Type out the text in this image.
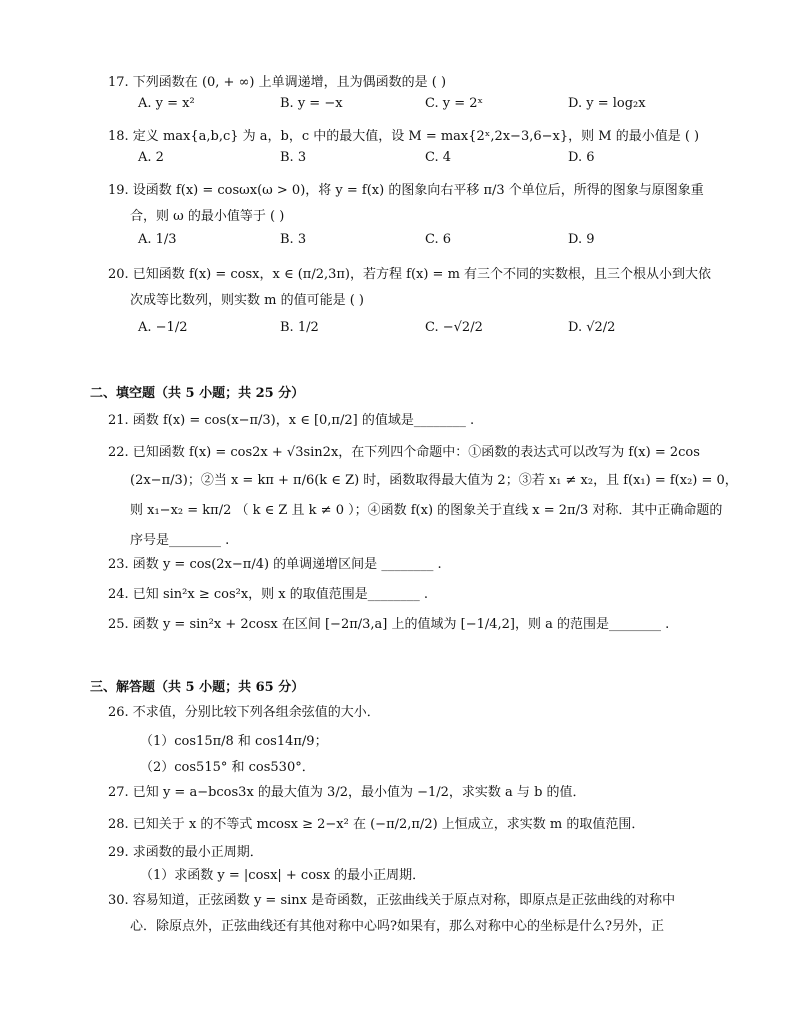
17. 下列函数在 (0, + ∞) 上单调递增，且为偶函数的是 ( )
A. y = x²	B. y = −x	C. y = 2ˣ	D. y = log₂x
18. 定义 max{a,b,c} 为 a，b，c 中的最大值，设 M = max{2ˣ,2x−3,6−x}，则 M 的最小值是 ( )
A. 2	B. 3	C. 4	D. 6
19. 设函数 f(x) = cosωx(ω > 0)，将 y = f(x) 的图象向右平移 π/3 个单位后，所得的图象与原图象重
合，则 ω 的最小值等于 ( )
A. 1/3	B. 3	C. 6	D. 9
20. 已知函数 f(x) = cosx，x ∈ (π/2,3π)，若方程 f(x) = m 有三个不同的实数根，且三个根从小到大依
次成等比数列，则实数 m 的值可能是 ( )
A. −1/2	B. 1/2	C. −√2/2	D. √2/2
二、填空题（共 5 小题；共 25 分）
21. 函数 f(x) = cos(x−π/3)，x ∈ [0,π/2] 的值域是________ .
22. 已知函数 f(x) = cos2x + √3sin2x，在下列四个命题中：①函数的表达式可以改写为 f(x) = 2cos
(2x−π/3)；②当 x = kπ + π/6(k ∈ Z) 时，函数取得最大值为 2；③若 x₁ ≠ x₂，且 f(x₁) = f(x₂) = 0，
则 x₁−x₂ = kπ/2 （ k ∈ Z 且 k ≠ 0 ）；④函数 f(x) 的图象关于直线 x = 2π/3 对称．其中正确命题的
序号是________ .
23. 函数 y = cos(2x−π/4) 的单调递增区间是 ________ .
24. 已知 sin²x ≥ cos²x，则 x 的取值范围是________ .
25. 函数 y = sin²x + 2cosx 在区间 [−2π/3,a] 上的值域为 [−1/4,2]，则 a 的范围是________ .
三、解答题（共 5 小题；共 65 分）
26. 不求值，分别比较下列各组余弦值的大小．
（1）cos15π/8 和 cos14π/9；
（2）cos515° 和 cos530°．
27. 已知 y = a−bcos3x 的最大值为 3/2，最小值为 −1/2，求实数 a 与 b 的值．
28. 已知关于 x 的不等式 mcosx ≥ 2−x² 在 (−π/2,π/2) 上恒成立，求实数 m 的取值范围．
29. 求函数的最小正周期．
（1）求函数 y = |cosx| + cosx 的最小正周期．
30. 容易知道，正弦函数 y = sinx 是奇函数，正弦曲线关于原点对称，即原点是正弦曲线的对称中
心．除原点外，正弦曲线还有其他对称中心吗?如果有，那么对称中心的坐标是什么?另外，正
